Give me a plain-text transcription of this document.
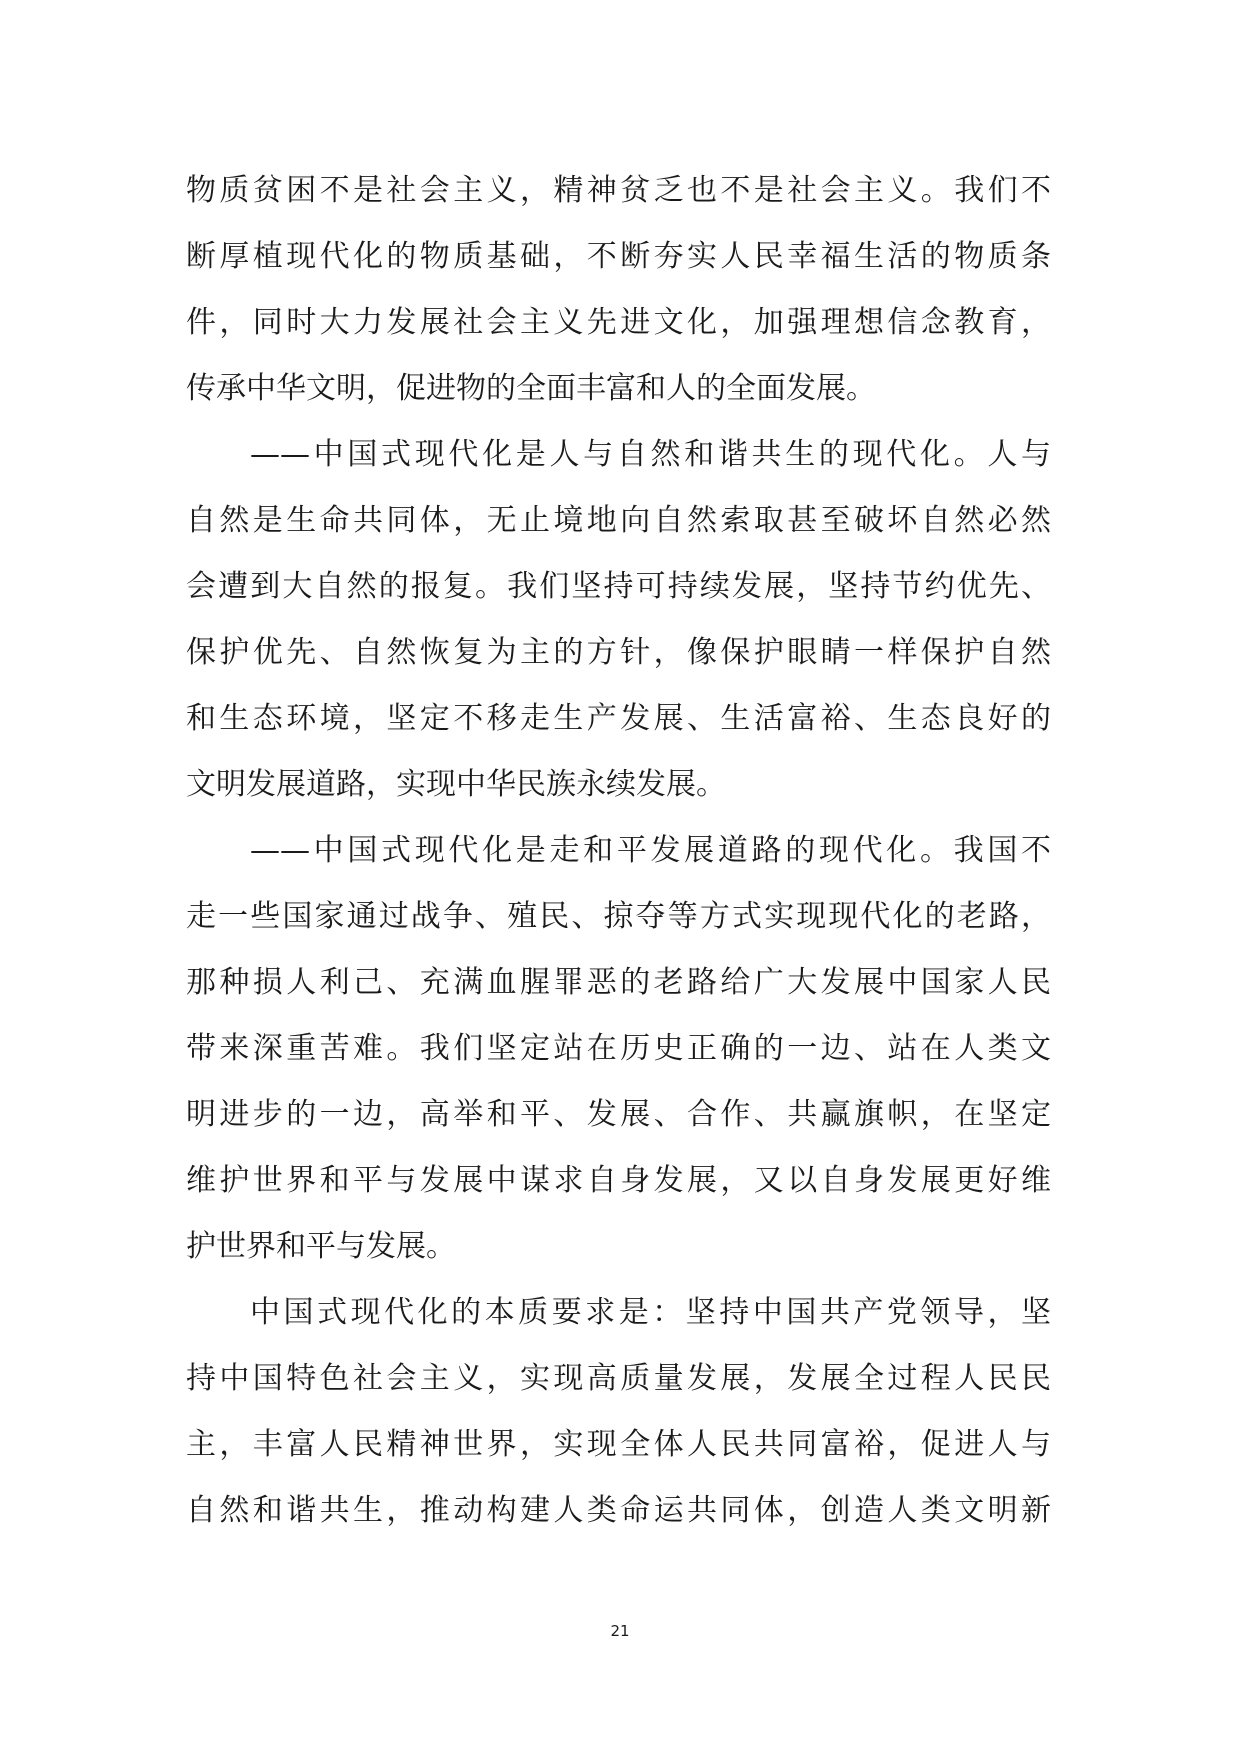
物质贫困不是社会主义，精神贫乏也不是社会主义。我们不
断厚植现代化的物质基础，不断夯实人民幸福生活的物质条
件，同时大力发展社会主义先进文化，加强理想信念教育，
传承中华文明，促进物的全面丰富和人的全面发展。
——中国式现代化是人与自然和谐共生的现代化。人与
自然是生命共同体，无止境地向自然索取甚至破坏自然必然
会遭到大自然的报复。我们坚持可持续发展，坚持节约优先、
保护优先、自然恢复为主的方针，像保护眼睛一样保护自然
和生态环境，坚定不移走生产发展、生活富裕、生态良好的
文明发展道路，实现中华民族永续发展。
——中国式现代化是走和平发展道路的现代化。我国不
走一些国家通过战争、殖民、掠夺等方式实现现代化的老路，
那种损人利己、充满血腥罪恶的老路给广大发展中国家人民
带来深重苦难。我们坚定站在历史正确的一边、站在人类文
明进步的一边，高举和平、发展、合作、共赢旗帜，在坚定
维护世界和平与发展中谋求自身发展，又以自身发展更好维
护世界和平与发展。
中国式现代化的本质要求是：坚持中国共产党领导，坚
持中国特色社会主义，实现高质量发展，发展全过程人民民
主，丰富人民精神世界，实现全体人民共同富裕，促进人与
自然和谐共生，推动构建人类命运共同体，创造人类文明新
21
